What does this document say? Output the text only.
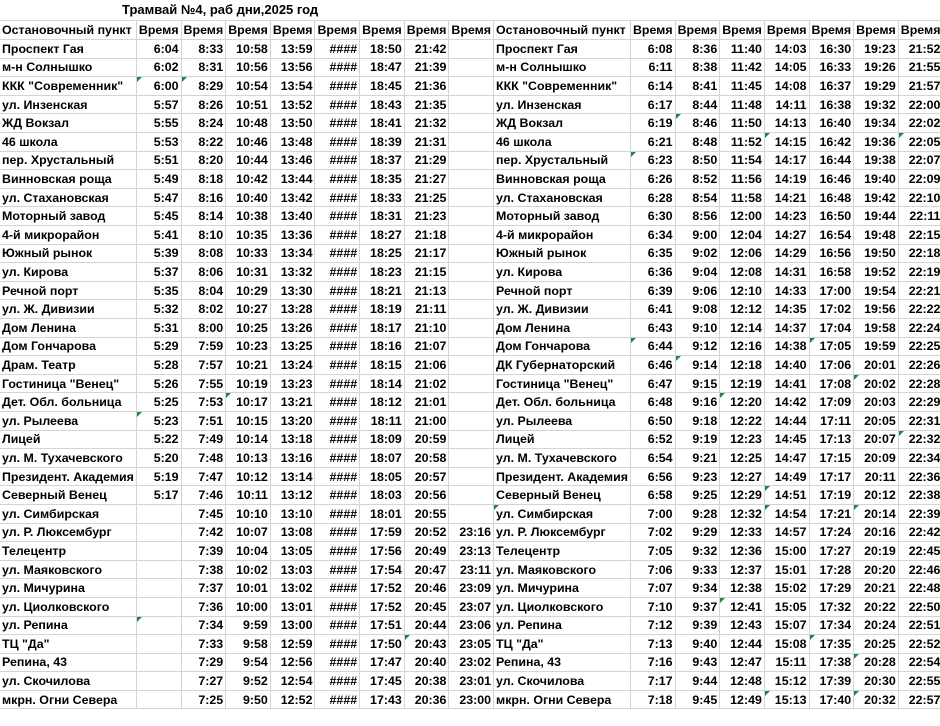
Трамвай №4, раб дни,2025 год
Остановочный пункт	Время	Время	Время	Время	Время	Время	Время	Время	Остановочный пункт	Время	Время	Время	Время	Время	Время	Время
Проспект Гая	6:04	8:33	10:58	13:59	####	18:50	21:42		Проспект Гая	6:08	8:36	11:40	14:03	16:30	19:23	21:52
м-н Солнышко	6:02	8:31	10:56	13:56	####	18:47	21:39		м-н Солнышко	6:11	8:38	11:42	14:05	16:33	19:26	21:55
ККК "Современник"	6:00	8:29	10:54	13:54	####	18:45	21:36		ККК "Современник"	6:14	8:41	11:45	14:08	16:37	19:29	21:57
ул. Инзенская	5:57	8:26	10:51	13:52	####	18:43	21:35		ул. Инзенская	6:17	8:44	11:48	14:11	16:38	19:32	22:00
ЖД Вокзал	5:55	8:24	10:48	13:50	####	18:41	21:32		ЖД Вокзал	6:19	8:46	11:50	14:13	16:40	19:34	22:02
46 школа	5:53	8:22	10:46	13:48	####	18:39	21:31		46 школа	6:21	8:48	11:52	14:15	16:42	19:36	22:05
пер. Хрустальный	5:51	8:20	10:44	13:46	####	18:37	21:29		пер. Хрустальный	6:23	8:50	11:54	14:17	16:44	19:38	22:07
Винновская роща	5:49	8:18	10:42	13:44	####	18:35	21:27		Винновская роща	6:26	8:52	11:56	14:19	16:46	19:40	22:09
ул. Стахановская	5:47	8:16	10:40	13:42	####	18:33	21:25		ул. Стахановская	6:28	8:54	11:58	14:21	16:48	19:42	22:10
Моторный завод	5:45	8:14	10:38	13:40	####	18:31	21:23		Моторный завод	6:30	8:56	12:00	14:23	16:50	19:44	22:11
4-й микрорайон	5:41	8:10	10:35	13:36	####	18:27	21:18		4-й микрорайон	6:34	9:00	12:04	14:27	16:54	19:48	22:15
Южный рынок	5:39	8:08	10:33	13:34	####	18:25	21:17		Южный рынок	6:35	9:02	12:06	14:29	16:56	19:50	22:18
ул. Кирова	5:37	8:06	10:31	13:32	####	18:23	21:15		ул. Кирова	6:36	9:04	12:08	14:31	16:58	19:52	22:19
Речной порт	5:35	8:04	10:29	13:30	####	18:21	21:13		Речной порт	6:39	9:06	12:10	14:33	17:00	19:54	22:21
ул. Ж. Дивизии	5:32	8:02	10:27	13:28	####	18:19	21:11		ул. Ж. Дивизии	6:41	9:08	12:12	14:35	17:02	19:56	22:22
Дом Ленина	5:31	8:00	10:25	13:26	####	18:17	21:10		Дом Ленина	6:43	9:10	12:14	14:37	17:04	19:58	22:24
Дом Гончарова	5:29	7:59	10:23	13:25	####	18:16	21:07		Дом Гончарова	6:44	9:12	12:16	14:38	17:05	19:59	22:25
Драм. Театр	5:28	7:57	10:21	13:24	####	18:15	21:06		ДК Губернаторский	6:46	9:14	12:18	14:40	17:06	20:01	22:26
Гостиница "Венец"	5:26	7:55	10:19	13:23	####	18:14	21:02		Гостиница "Венец"	6:47	9:15	12:19	14:41	17:08	20:02	22:28
Дет. Обл. больница	5:25	7:53	10:17	13:21	####	18:12	21:01		Дет. Обл. больница	6:48	9:16	12:20	14:42	17:09	20:03	22:29
ул. Рылеева	5:23	7:51	10:15	13:20	####	18:11	21:00		ул. Рылеева	6:50	9:18	12:22	14:44	17:11	20:05	22:31
Лицей	5:22	7:49	10:14	13:18	####	18:09	20:59		Лицей	6:52	9:19	12:23	14:45	17:13	20:07	22:32
ул. М. Тухачевского	5:20	7:48	10:13	13:16	####	18:07	20:58		ул. М. Тухачевского	6:54	9:21	12:25	14:47	17:15	20:09	22:34
Президент. Академия	5:19	7:47	10:12	13:14	####	18:05	20:57		Президент. Академия	6:56	9:23	12:27	14:49	17:17	20:11	22:36
Северный Венец	5:17	7:46	10:11	13:12	####	18:03	20:56		Северный Венец	6:58	9:25	12:29	14:51	17:19	20:12	22:38
ул. Симбирская		7:45	10:10	13:10	####	18:01	20:55		ул. Симбирская	7:00	9:28	12:32	14:54	17:21	20:14	22:39
ул. Р. Люксембург		7:42	10:07	13:08	####	17:59	20:52	23:16	ул. Р. Люксембург	7:02	9:29	12:33	14:57	17:24	20:16	22:42
Телецентр		7:39	10:04	13:05	####	17:56	20:49	23:13	Телецентр	7:05	9:32	12:36	15:00	17:27	20:19	22:45
ул. Маяковского		7:38	10:02	13:03	####	17:54	20:47	23:11	ул. Маяковского	7:06	9:33	12:37	15:01	17:28	20:20	22:46
ул. Мичурина		7:37	10:01	13:02	####	17:52	20:46	23:09	ул. Мичурина	7:07	9:34	12:38	15:02	17:29	20:21	22:48
ул. Циолковского		7:36	10:00	13:01	####	17:52	20:45	23:07	ул. Циолковского	7:10	9:37	12:41	15:05	17:32	20:22	22:50
ул. Репина		7:34	9:59	13:00	####	17:51	20:44	23:06	ул. Репина	7:12	9:39	12:43	15:07	17:34	20:24	22:51
ТЦ "Да"		7:33	9:58	12:59	####	17:50	20:43	23:05	ТЦ "Да"	7:13	9:40	12:44	15:08	17:35	20:25	22:52
Репина, 43		7:29	9:54	12:56	####	17:47	20:40	23:02	Репина, 43	7:16	9:43	12:47	15:11	17:38	20:28	22:54
ул. Скочилова		7:27	9:52	12:54	####	17:45	20:38	23:01	ул. Скочилова	7:17	9:44	12:48	15:12	17:39	20:30	22:55
мкрн. Огни Севера		7:25	9:50	12:52	####	17:43	20:36	23:00	мкрн. Огни Севера	7:18	9:45	12:49	15:13	17:40	20:32	22:57
